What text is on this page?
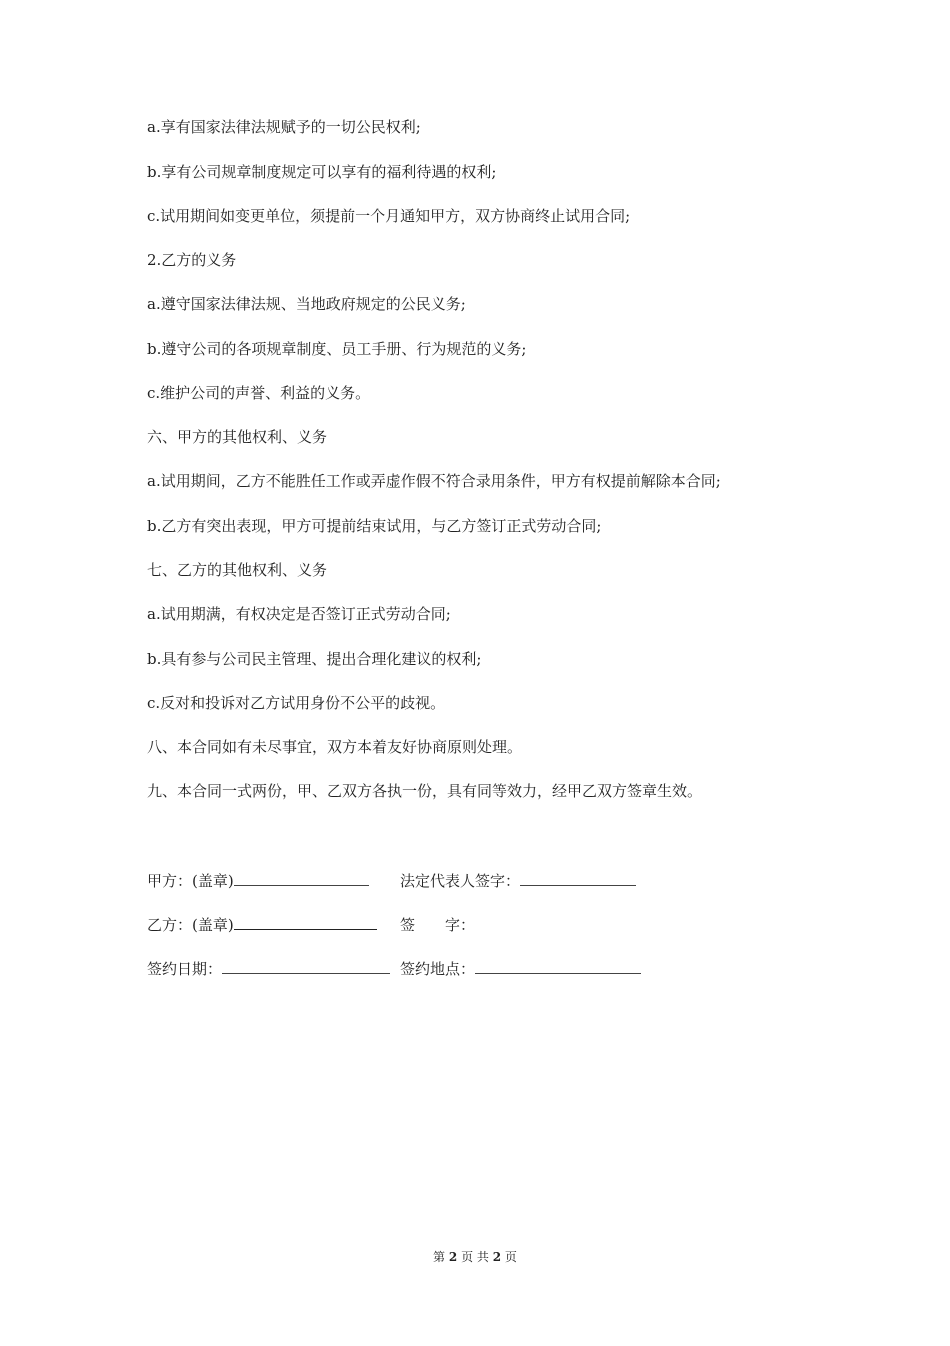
a.享有国家法律法规赋予的一切公民权利;
b.享有公司规章制度规定可以享有的福利待遇的权利;
c.试用期间如变更单位，须提前一个月通知甲方，双方协商终止试用合同;
2.乙方的义务
a.遵守国家法律法规、当地政府规定的公民义务;
b.遵守公司的各项规章制度、员工手册、行为规范的义务;
c.维护公司的声誉、利益的义务。
六、甲方的其他权利、义务
a.试用期间，乙方不能胜任工作或弄虚作假不符合录用条件，甲方有权提前解除本合同;
b.乙方有突出表现，甲方可提前结束试用，与乙方签订正式劳动合同;
七、乙方的其他权利、义务
a.试用期满，有权决定是否签订正式劳动合同;
b.具有参与公司民主管理、提出合理化建议的权利;
c.反对和投诉对乙方试用身份不公平的歧视。
八、本合同如有未尽事宜，双方本着友好协商原则处理。
九、本合同一式两份，甲、乙双方各执一份，具有同等效力，经甲乙双方签章生效。
甲方：(盖章)	法定代表人签字：
乙方：(盖章)	签　　字：
签约日期：	签约地点：
第 2 页 共 2 页
